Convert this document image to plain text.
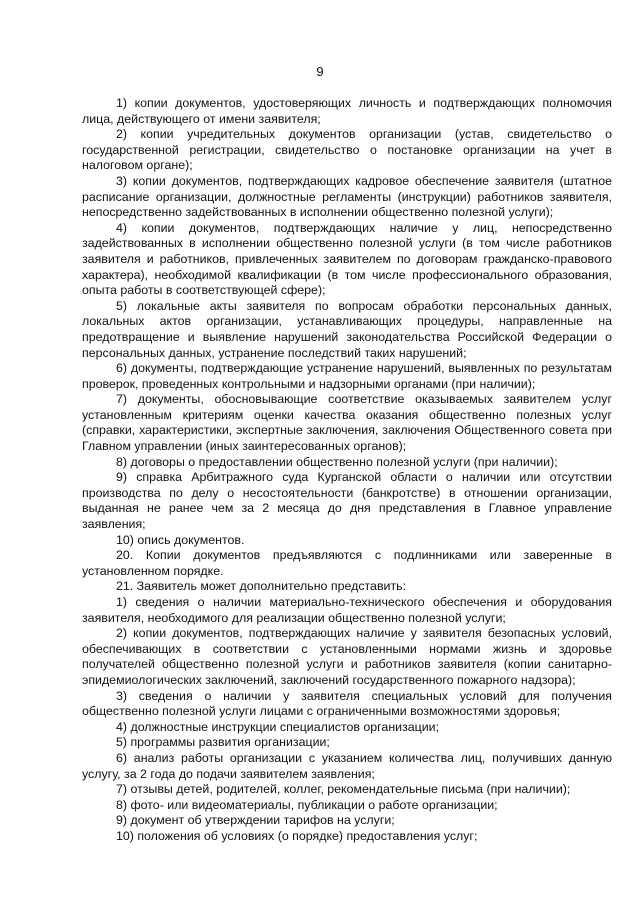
9

1) копии документов, удостоверяющих личность и подтверждающих полномочия лица, действующего от имени заявителя;

2) копии учредительных документов организации (устав, свидетельство о государственной регистрации, свидетельство о постановке организации на учет в налоговом органе);

3) копии документов, подтверждающих кадровое обеспечение заявителя (штатное расписание организации, должностные регламенты (инструкции) работников заявителя, непосредственно задействованных в исполнении общественно полезной услуги);

4) копии документов, подтверждающих наличие у лиц, непосредственно задействованных в исполнении общественно полезной услуги (в том числе работников заявителя и работников, привлеченных заявителем по договорам гражданско-правового характера), необходимой квалификации (в том числе профессионального образования, опыта работы в соответствующей сфере);

5) локальные акты заявителя по вопросам обработки персональных данных, локальных актов организации, устанавливающих процедуры, направленные на предотвращение и выявление нарушений законодательства Российской Федерации о персональных данных, устранение последствий таких нарушений;

6) документы, подтверждающие устранение нарушений, выявленных по результатам проверок, проведенных контрольными и надзорными органами (при наличии);

7) документы, обосновывающие соответствие оказываемых заявителем услуг установленным критериям оценки качества оказания общественно полезных услуг (справки, характеристики, экспертные заключения, заключения Общественного совета при Главном управлении (иных заинтересованных органов);

8) договоры о предоставлении общественно полезной услуги (при наличии);

9) справка Арбитражного суда Курганской области о наличии или отсутствии производства по делу о несостоятельности (банкротстве) в отношении организации, выданная не ранее чем за 2 месяца до дня представления в Главное управление заявления;

10) опись документов.

20. Копии документов предъявляются с подлинниками или заверенные в установленном порядке.

21. Заявитель может дополнительно представить:

1) сведения о наличии материально-технического обеспечения и оборудования заявителя, необходимого для реализации общественно полезной услуги;

2) копии документов, подтверждающих наличие у заявителя безопасных условий, обеспечивающих в соответствии с установленными нормами жизнь и здоровье получателей общественно полезной услуги и работников заявителя (копии санитарно-эпидемиологических заключений, заключений государственного пожарного надзора);

3) сведения о наличии у заявителя специальных условий для получения общественно полезной услуги лицами с ограниченными возможностями здоровья;

4) должностные инструкции специалистов организации;

5) программы развития организации;

6) анализ работы организации с указанием количества лиц, получивших данную услугу, за 2 года до подачи заявителем заявления;

7) отзывы детей, родителей, коллег, рекомендательные письма (при наличии);

8) фото- или видеоматериалы, публикации о работе организации;

9) документ об утверждении тарифов на услуги;

10) положения об условиях (о порядке) предоставления услуг;
